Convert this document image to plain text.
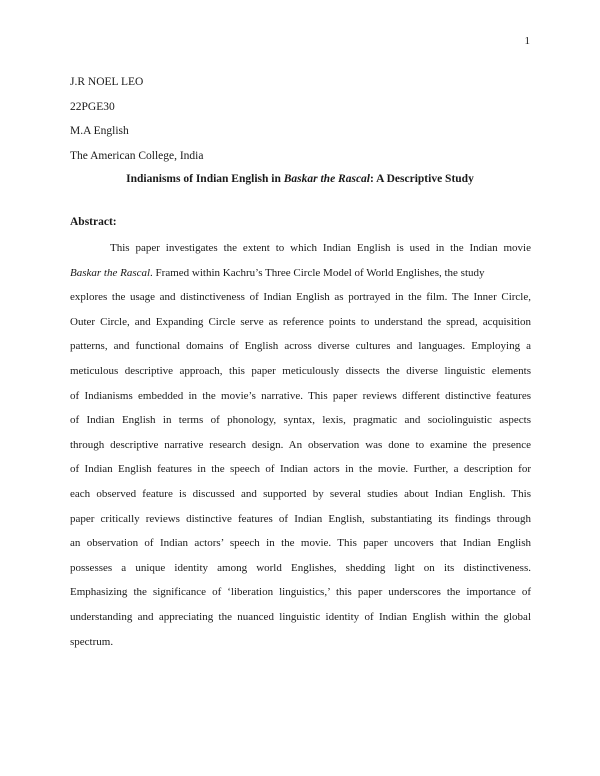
1
J.R NOEL LEO
22PGE30
M.A English
The American College, India
Indianisms of Indian English in Baskar the Rascal: A Descriptive Study
Abstract:
This paper investigates the extent to which Indian English is used in the Indian movie
Baskar the Rascal. Framed within Kachru’s Three Circle Model of World Englishes, the study
explores the usage and distinctiveness of Indian English as portrayed in the film. The Inner Circle,
Outer Circle, and Expanding Circle serve as reference points to understand the spread, acquisition
patterns, and functional domains of English across diverse cultures and languages. Employing a
meticulous descriptive approach, this paper meticulously dissects the diverse linguistic elements
of Indianisms embedded in the movie’s narrative. This paper reviews different distinctive features
of Indian English in terms of phonology, syntax, lexis, pragmatic and sociolinguistic aspects
through descriptive narrative research design. An observation was done to examine the presence
of Indian English features in the speech of Indian actors in the movie. Further, a description for
each observed feature is discussed and supported by several studies about Indian English. This
paper critically reviews distinctive features of Indian English, substantiating its findings through
an observation of Indian actors’ speech in the movie. This paper uncovers that Indian English
possesses a unique identity among world Englishes, shedding light on its distinctiveness.
Emphasizing the significance of ‘liberation linguistics,’ this paper underscores the importance of
understanding and appreciating the nuanced linguistic identity of Indian English within the global
spectrum.
